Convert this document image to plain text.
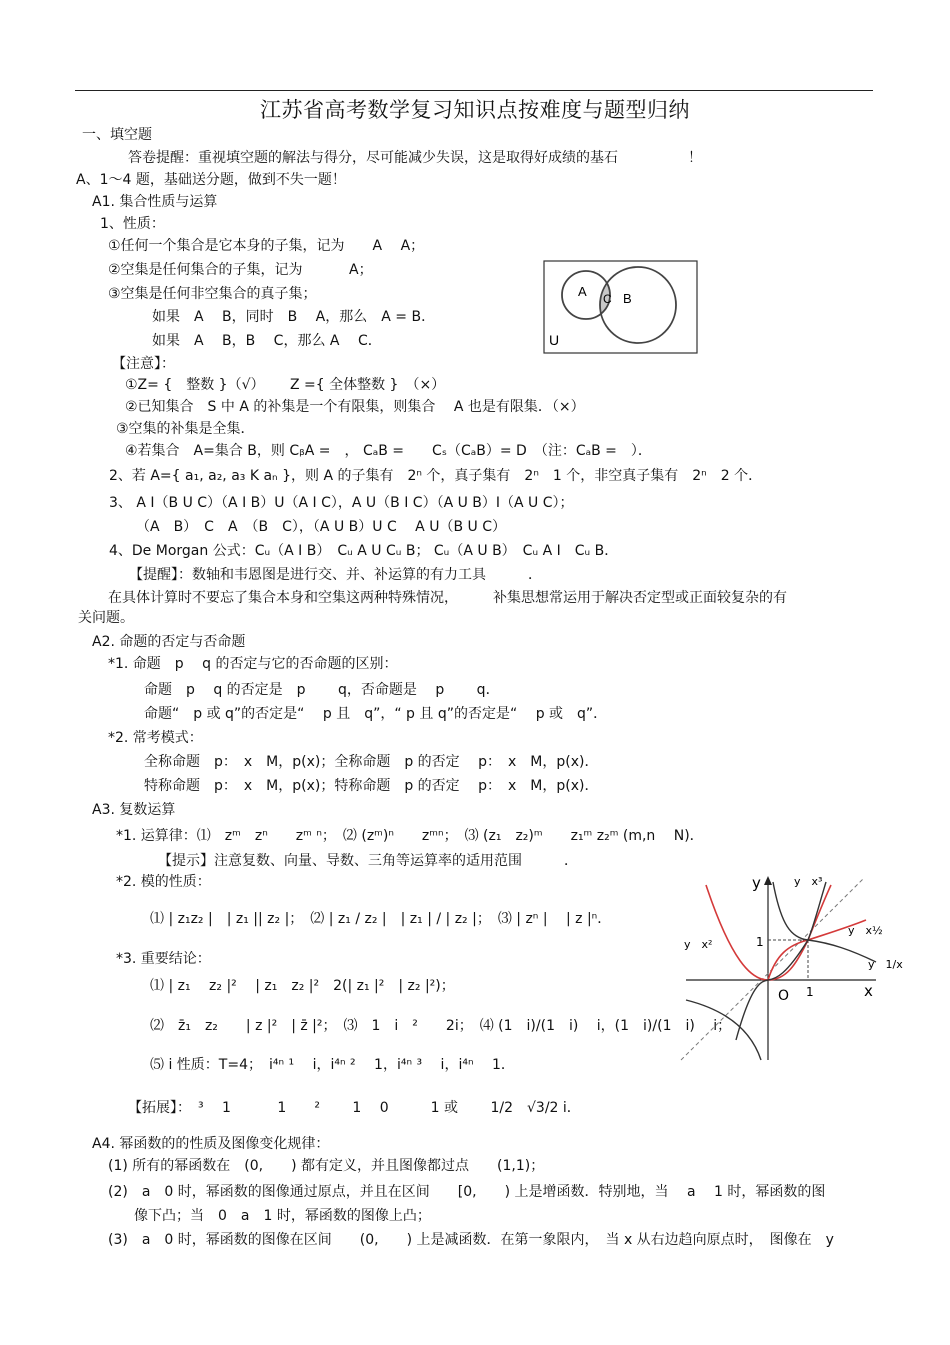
江苏省高考数学复习知识点按难度与题型归纳
一、填空题
答卷提醒：重视填空题的解法与得分，尽可能减少失误，这是取得好成绩的基石　　　　　！
A、1～4 题，基础送分题，做到不失一题！
A1. 集合性质与运算
1、性质：
①任何一个集合是它本身的子集，记为　　A　 A；
②空集是任何集合的子集，记为　　　 A；
③空集是任何非空集合的真子集；
如果　A　 B，同时　B　 A，那么　A = B．
如果　A　 B，B　 C，那么 A　 C．
【注意】：
①Z= {　整数 }（√）　　 Z ={ 全体整数 }　（×）
②已知集合　S 中 A 的补集是一个有限集，则集合　 A 也是有限集．（×）
③空集的补集是全集．
④若集合　A=集合 B，则 CᵦA =　， CₐB =　　Cₛ（CₐB）= D　（注：CₐB =　）．
2、若 A={ a₁, a₂, a₃ K aₙ }，则 A 的子集有　2ⁿ 个，真子集有　2ⁿ　1 个，非空真子集有　2ⁿ　2 个．
3、 A I（B U C）（A I B）U（A I C），A U（B I C）（A U B）I（A U C）；
（A　B）　C　A　（B　C），（A U B）U C　 A U（B U C）
4、De Morgan 公式：Cᵤ（A I B）　Cᵤ A U Cᵤ B； Cᵤ（A U B）　Cᵤ A I　Cᵤ B．
【提醒】：数轴和韦恩图是进行交、并、补运算的有力工具　　　．
在具体计算时不要忘了集合本身和空集这两种特殊情况，　　　补集思想常运用于解决否定型或正面较复杂的有
关问题。
A C B
U
A2. 命题的否定与否命题
*1. 命题　p　 q 的否定与它的否命题的区别：
命题　p　 q 的否定是　p　　 q，否命题是　 p　　 q．
命题“　p 或 q”的否定是“　 p 且　q”，“ p 且 q”的否定是“　 p 或　q”．
*2. 常考模式：
全称命题　p：　x　M，p(x)；全称命题　p 的否定　 p：　x　M，p(x)．
特称命题　p：　x　M，p(x)；特称命题　p 的否定　 p：　x　M，p(x)．
A3. 复数运算
*1. 运算律：⑴　zᵐ　zⁿ　　zᵐ ⁿ；　⑵ (zᵐ)ⁿ　　zᵐⁿ；　⑶ (z₁　z₂)ᵐ　　z₁ᵐ z₂ᵐ (m,n　 N)．
【提示】注意复数、向量、导数、三角等运算率的适用范围　　　．
*2. 模的性质：
⑴ | z₁z₂ |　| z₁ || z₂ |；　⑵ | z₁ / z₂ |　| z₁ | / | z₂ |；　⑶ | zⁿ |　 | z |ⁿ．
*3. 重要结论：
⑴ | z₁　 z₂ |²　 | z₁　z₂ |²　2(| z₁ |²　| z₂ |²)；
⑵　z̄₁　z₂　　| z |²　| z̄ |²；　⑶　1　i　²　　2i；　⑷ (1　i)/(1　i)　 i，(1　i)/(1　i)　 i；
⑸ i 性质：T=4；　i⁴ⁿ ¹　 i，i⁴ⁿ ²　 1，i⁴ⁿ ³　 i，i⁴ⁿ　 1．
【拓展】：　³　 1　　　 1　　²　　 1　 0　　　1 或　　 1/2　√3/2 i．
y
x
O 1
1
y　x³
y　x½
y　x²
y　1/x
A4. 幂函数的的性质及图像变化规律：
(1) 所有的幂函数在　(0,　　) 都有定义，并且图像都过点　　(1,1)；
(2)　a　0 时，幂函数的图像通过原点，并且在区间　　[0,　　) 上是增函数．特别地，当　 a　 1 时，幂函数的图
像下凸；当　0　a　1 时，幂函数的图像上凸；
(3)　a　0 时，幂函数的图像在区间　　(0,　　) 上是减函数．在第一象限内，　当 x 从右边趋向原点时，　图像在　y
